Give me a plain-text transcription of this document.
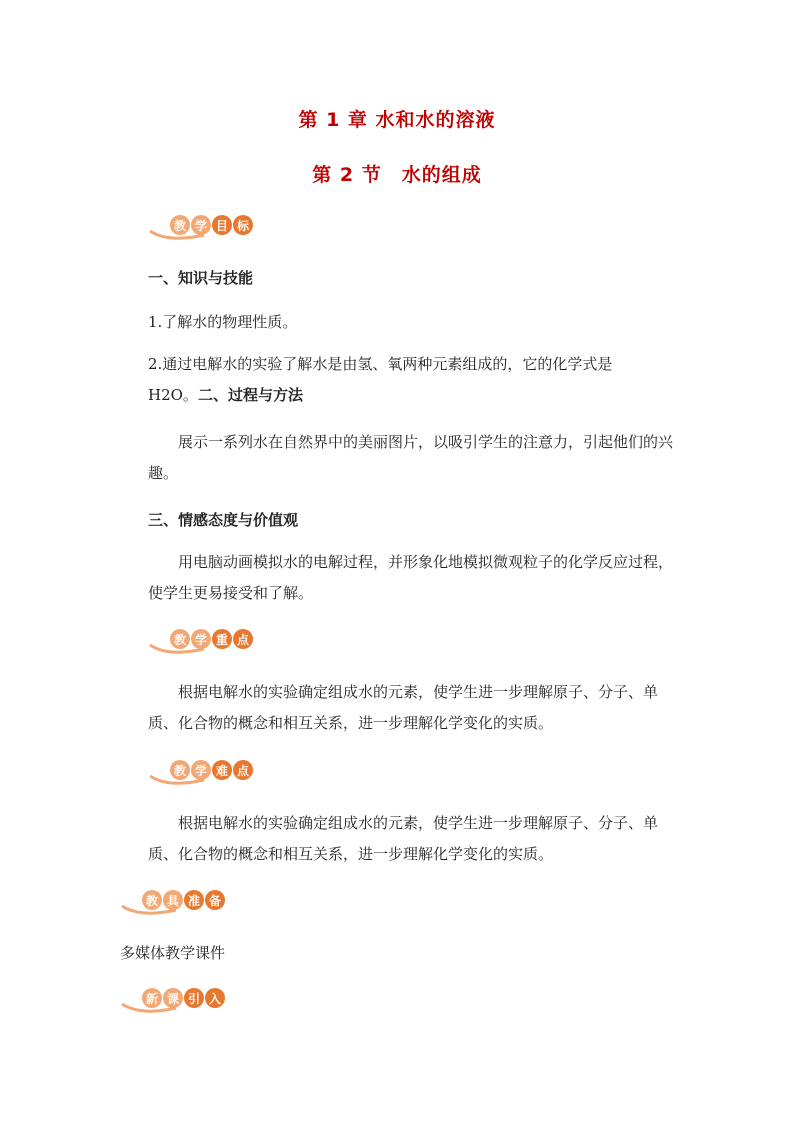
第 1 章 水和水的溶液
第 2 节　水的组成
教 学 目 标
一、知识与技能
1.了解水的物理性质。
2.通过电解水的实验了解水是由氢、氧两种元素组成的，它的化学式是
H2O。二、过程与方法
展示一系列水在自然界中的美丽图片，以吸引学生的注意力，引起他们的兴趣。
三、情感态度与价值观
用电脑动画模拟水的电解过程，并形象化地模拟微观粒子的化学反应过程，使学生更易接受和了解。
教 学 重 点
根据电解水的实验确定组成水的元素，使学生进一步理解原子、分子、单质、化合物的概念和相互关系，进一步理解化学变化的实质。
教 学 难 点
根据电解水的实验确定组成水的元素，使学生进一步理解原子、分子、单质、化合物的概念和相互关系，进一步理解化学变化的实质。
教 具 准 备
多媒体教学课件
新 课 引 入
